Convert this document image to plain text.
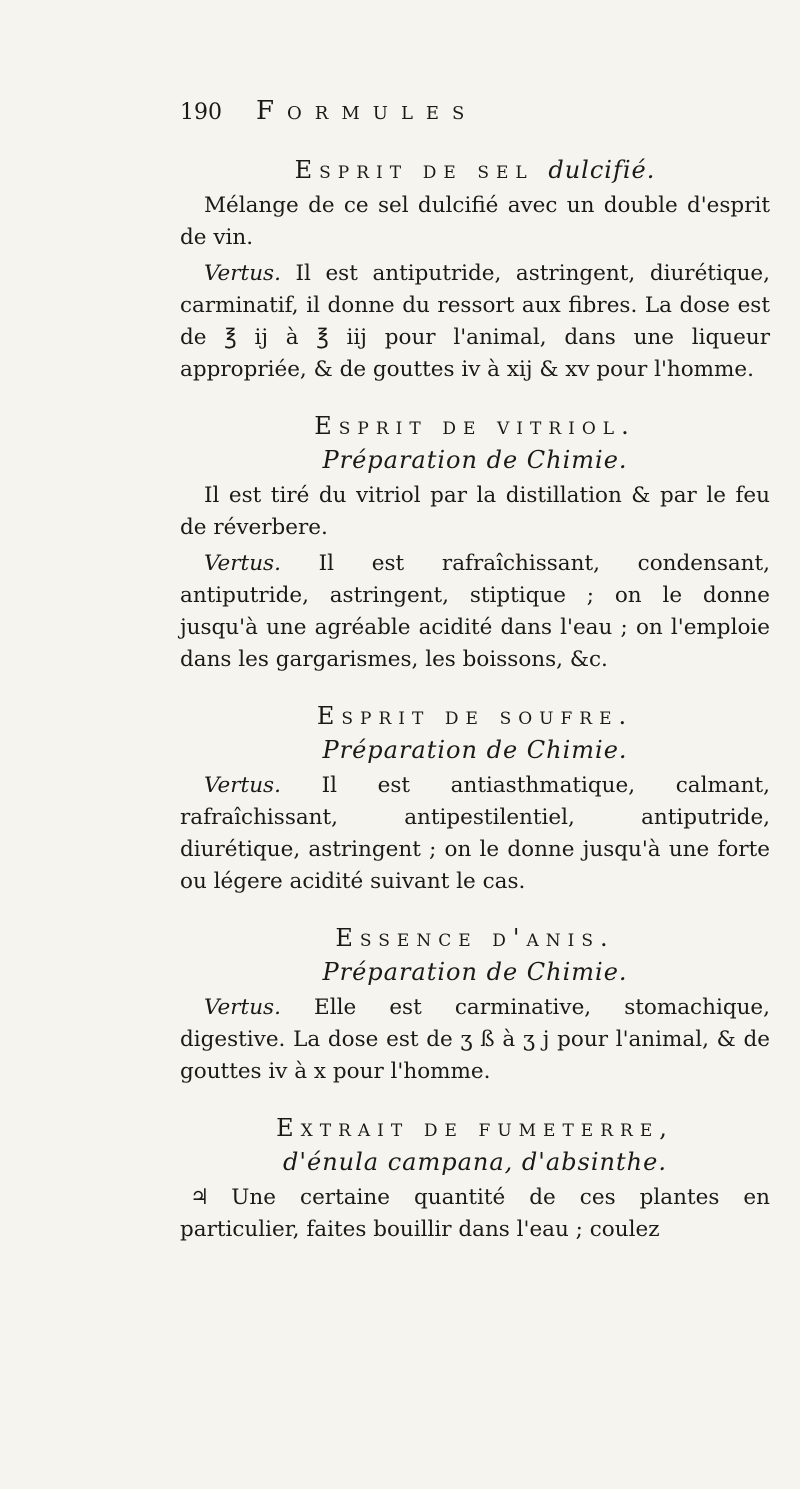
190 Formules
Esprit de sel dulcifié.

Mélange de ce sel dulcifié avec un double d'esprit de vin.

Vertus. Il est antiputride, astringent, diurétique, carminatif, il donne du ressort aux fibres. La dose est de ℥ ij à ℥ iij pour l'animal, dans une liqueur appropriée, & de gouttes iv à xij & xv pour l'homme.

Esprit de vitriol.
Préparation de Chimie.

Il est tiré du vitriol par la distillation & par le feu de réverbere.

Vertus. Il est rafraîchissant, condensant, antiputride, astringent, stiptique ; on le donne jusqu'à une agréable acidité dans l'eau ; on l'emploie dans les gargarismes, les boissons, &c.

Esprit de soufre.
Préparation de Chimie.

Vertus. Il est antiasthmatique, calmant, rafraîchissant, antipestilentiel, antiputride, diurétique, astringent ; on le donne jusqu'à une forte ou légere acidité suivant le cas.

Essence d'anis.
Préparation de Chimie.

Vertus. Elle est carminative, stomachique, digestive. La dose est de ʒ ß à ʒ j pour l'animal, & de gouttes iv à x pour l'homme.

Extrait de fumeterre,
d'énula campana, d'absinthe.
♃ Une certaine quantité de ces plantes en particulier, faites bouillir dans l'eau ; coulez
